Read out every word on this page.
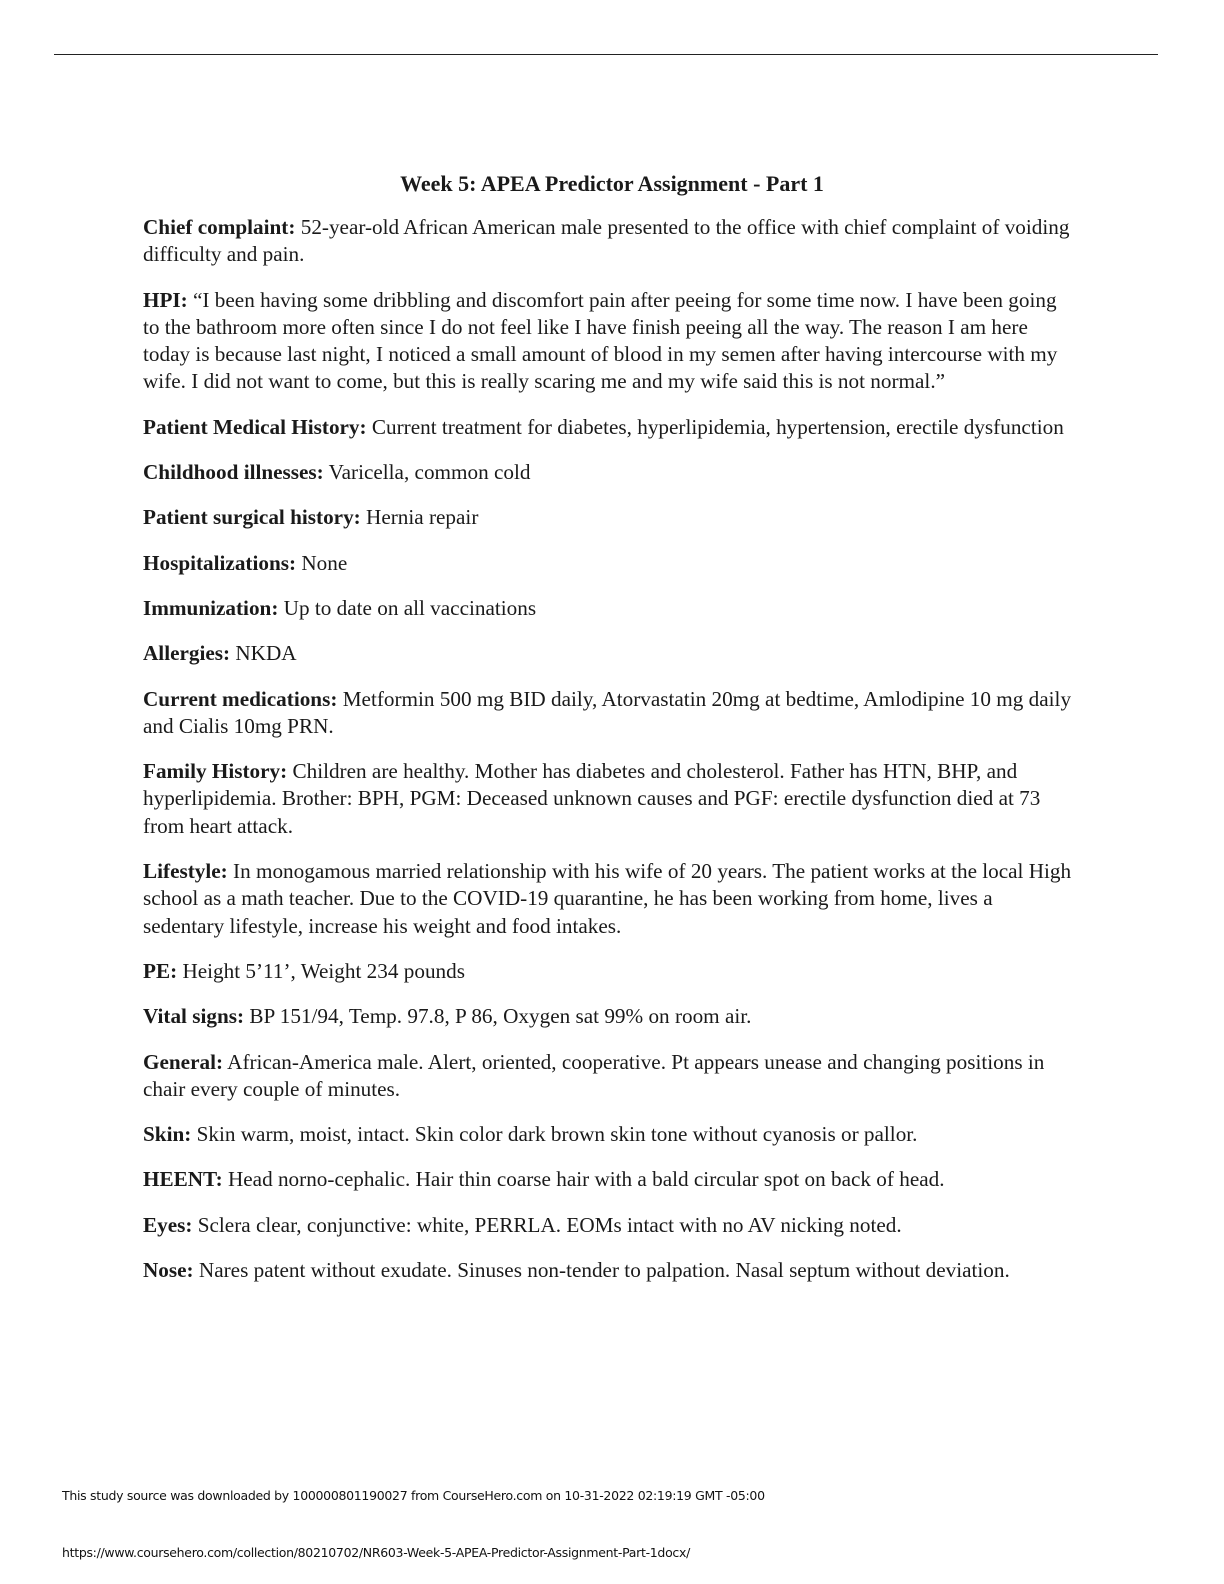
Week 5: APEA Predictor Assignment - Part 1

Chief complaint: 52-year-old African American male presented to the office with chief complaint of voiding difficulty and pain.

HPI: “I been having some dribbling and discomfort pain after peeing for some time now. I have been going to the bathroom more often since I do not feel like I have finish peeing all the way. The reason I am here today is because last night, I noticed a small amount of blood in my semen after having intercourse with my wife. I did not want to come, but this is really scaring me and my wife said this is not normal.”

Patient Medical History: Current treatment for diabetes, hyperlipidemia, hypertension, erectile dysfunction

Childhood illnesses: Varicella, common cold

Patient surgical history: Hernia repair

Hospitalizations: None

Immunization: Up to date on all vaccinations

Allergies: NKDA

Current medications: Metformin 500 mg BID daily, Atorvastatin 20mg at bedtime, Amlodipine 10 mg daily and Cialis 10mg PRN.

Family History: Children are healthy. Mother has diabetes and cholesterol. Father has HTN, BHP, and hyperlipidemia. Brother: BPH, PGM: Deceased unknown causes and PGF: erectile dysfunction died at 73 from heart attack.

Lifestyle: In monogamous married relationship with his wife of 20 years. The patient works at the local High school as a math teacher. Due to the COVID-19 quarantine, he has been working from home, lives a sedentary lifestyle, increase his weight and food intakes.

PE: Height 5’11’, Weight 234 pounds

Vital signs: BP 151/94, Temp. 97.8, P 86, Oxygen sat 99% on room air.

General: African-America male. Alert, oriented, cooperative. Pt appears unease and changing positions in chair every couple of minutes.

Skin: Skin warm, moist, intact. Skin color dark brown skin tone without cyanosis or pallor.

HEENT: Head norno-cephalic. Hair thin coarse hair with a bald circular spot on back of head.

Eyes: Sclera clear, conjunctive: white, PERRLA. EOMs intact with no AV nicking noted.

Nose: Nares patent without exudate. Sinuses non-tender to palpation. Nasal septum without deviation.

This study source was downloaded by 100000801190027 from CourseHero.com on 10-31-2022 02:19:19 GMT -05:00
https://www.coursehero.com/collection/80210702/NR603-Week-5-APEA-Predictor-Assignment-Part-1docx/
